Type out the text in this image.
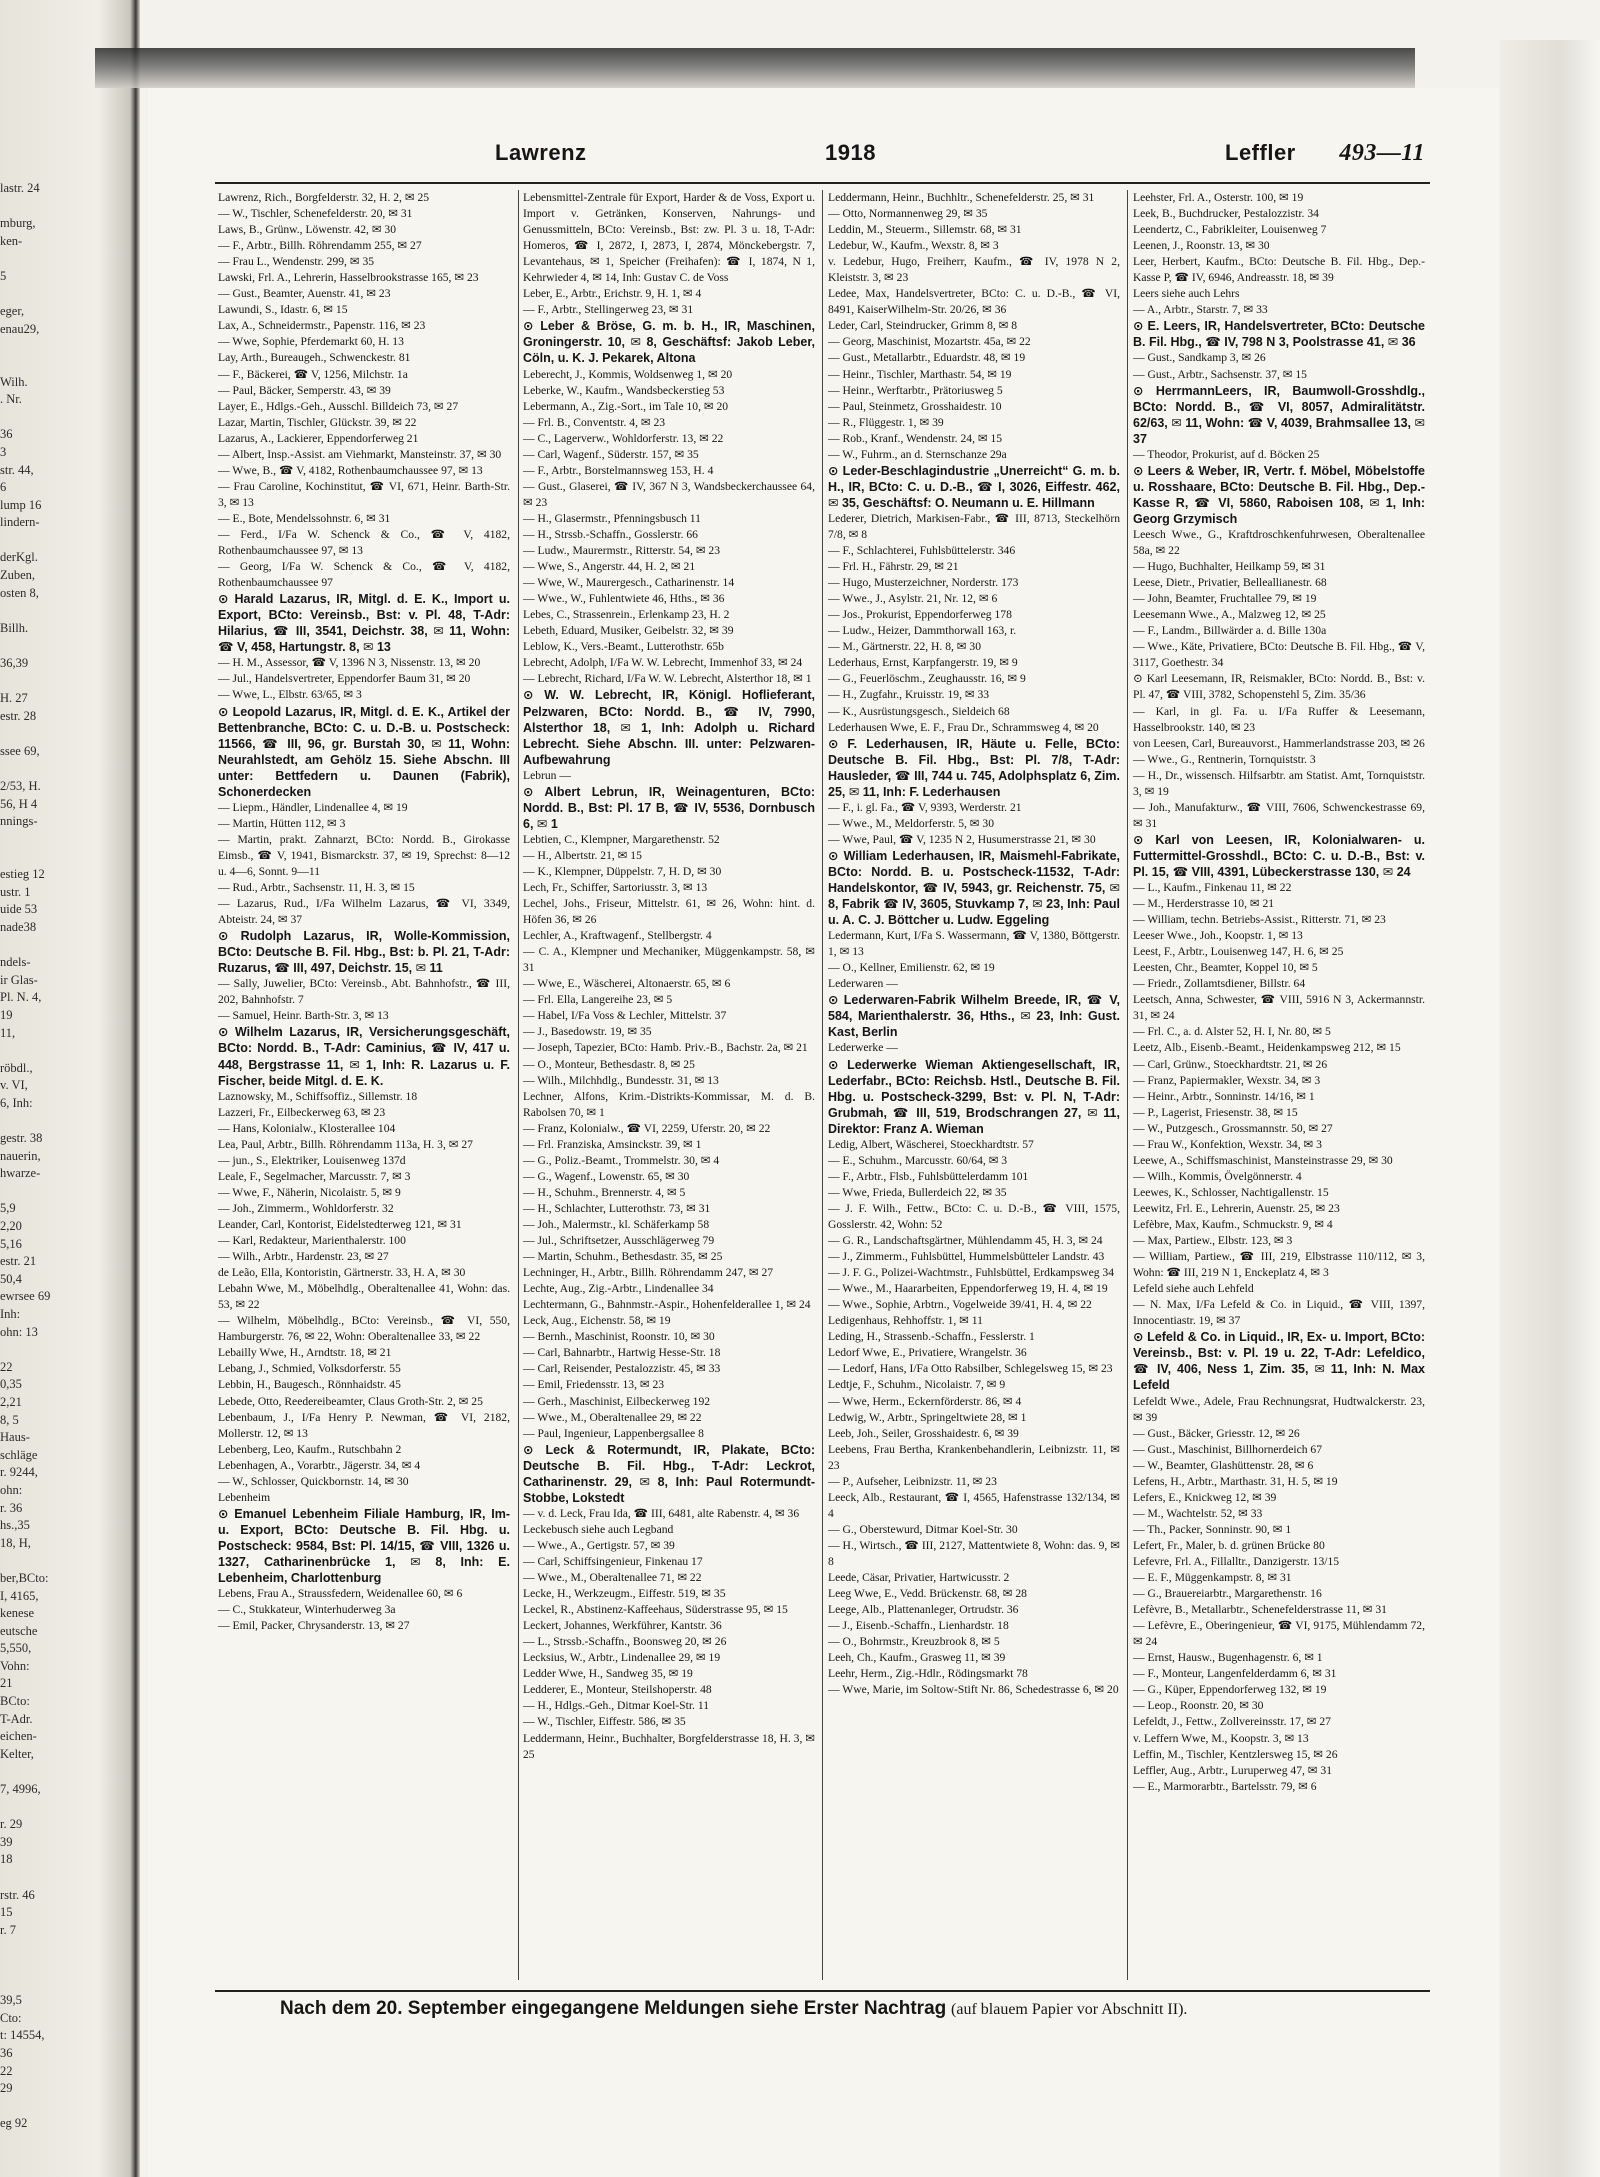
lastr. 24

mburg,
ken-

5

eger,
enau29,

Wilh.
. Nr.

36
3
str. 44,
6
lump 16
lindern-

derKgl.
Zuben,
osten 8,

Billh.

36,39

H. 27
estr. 28

ssee 69,

2/53, H.
56, H 4
nnings-

estieg 12
ustr. 1
uide 53
nade38

ndels-
ir Glas-
Pl. N. 4,
19
11,

röbdl.,
v. VI,
6, Inh:

gestr. 38
nauerin,
hwarze-

5,9
2,20
5,16
estr. 21
50,4
ewrsee 69
Inh:
ohn: 13

22
0,35
2,21
8, 5
Haus-
schläge
r. 9244,
ohn:
r. 36
hs.,35
18, H,

ber,BCto:
I, 4165,
kenese
eutsche
5,550,
Vohn:
21
BCto:
T-Adr.
eichen-
Kelter,

7, 4996,

r. 29
39
18

rstr. 46
15
r. 7

39,5
Cto:
t: 14554,
36
22
29

eg 92
Lawrenz	1918	Leffler 493—11
Lawrenz, Rich., Borgfelderstr. 32, H. 2, ✉ 25
— W., Tischler, Schenefelderstr. 20, ✉ 31
Laws, B., Grünw., Löwenstr. 42, ✉ 30
— F., Arbtr., Billh. Röhrendamm 255, ✉ 27
— Frau L., Wendenstr. 299, ✉ 35
Lawski, Frl. A., Lehrerin, Hasselbrookstrasse 165, ✉ 23
— Gust., Beamter, Auenstr. 41, ✉ 23
Lawundi, S., Idastr. 6, ✉ 15
Lax, A., Schneidermstr., Papenstr. 116, ✉ 23
— Wwe, Sophie, Pferdemarkt 60, H. 13
Lay, Arth., Bureaugeh., Schwenckestr. 81
— F., Bäckerei, ☎ V, 1256, Milchstr. 1a
— Paul, Bäcker, Semperstr. 43, ✉ 39
Layer, E., Hdlgs.-Geh., Ausschl. Billdeich 73, ✉ 27
Lazar, Martin, Tischler, Glückstr. 39, ✉ 22
Lazarus, A., Lackierer, Eppendorferweg 21
— Albert, Insp.-Assist. am Viehmarkt, Mansteinstr. 37, ✉ 30
— Wwe, B., ☎ V, 4182, Rothenbaumchaussee 97, ✉ 13
— Frau Caroline, Kochinstitut, ☎ VI, 671, Heinr. Barth-Str. 3, ✉ 13
— E., Bote, Mendelssohnstr. 6, ✉ 31
— Ferd., I/Fa W. Schenck & Co., ☎ V, 4182, Rothenbaumchaussee 97, ✉ 13
— Georg, I/Fa W. Schenck & Co., ☎ V, 4182, Rothenbaumchaussee 97
⊙ Harald Lazarus, IR, Mitgl. d. E. K., Import u. Export, BCto: Vereinsb., Bst: v. Pl. 48, T-Adr: Hilarius, ☎ III, 3541, Deichstr. 38, ✉ 11, Wohn: ☎ V, 458, Hartungstr. 8, ✉ 13
— H. M., Assessor, ☎ V, 1396 N 3, Nissenstr. 13, ✉ 20
— Jul., Handelsvertreter, Eppendorfer Baum 31, ✉ 20
— Wwe, L., Elbstr. 63/65, ✉ 3
⊙ Leopold Lazarus, IR, Mitgl. d. E. K., Artikel der Bettenbranche, BCto: C. u. D.-B. u. Postscheck: 11566, ☎ III, 96, gr. Burstah 30, ✉ 11, Wohn: Neurahlstedt, am Gehölz 15. Siehe Abschn. III unter: Bettfedern u. Daunen (Fabrik), Schonerdecken
— Liepm., Händler, Lindenallee 4, ✉ 19
— Martin, Hütten 112, ✉ 3
— Martin, prakt. Zahnarzt, BCto: Nordd. B., Girokasse Eimsb., ☎ V, 1941, Bismarckstr. 37, ✉ 19, Sprechst: 8—12 u. 4—6, Sonnt. 9—11
— Rud., Arbtr., Sachsenstr. 11, H. 3, ✉ 15
— Lazarus, Rud., I/Fa Wilhelm Lazarus, ☎ VI, 3349, Abteistr. 24, ✉ 37
⊙ Rudolph Lazarus, IR, Wolle-Kommission, BCto: Deutsche B. Fil. Hbg., Bst: b. Pl. 21, T-Adr: Ruzarus, ☎ III, 497, Deichstr. 15, ✉ 11
— Sally, Juwelier, BCto: Vereinsb., Abt. Bahnhofstr., ☎ III, 202, Bahnhofstr. 7
— Samuel, Heinr. Barth-Str. 3, ✉ 13
⊙ Wilhelm Lazarus, IR, Versicherungsgeschäft, BCto: Nordd. B., T-Adr: Caminius, ☎ IV, 417 u. 448, Bergstrasse 11, ✉ 1, Inh: R. Lazarus u. F. Fischer, beide Mitgl. d. E. K.
Laznowsky, M., Schiffsoffiz., Sillemstr. 18
Lazzeri, Fr., Eilbeckerweg 63, ✉ 23
— Hans, Kolonialw., Klosterallee 104
Lea, Paul, Arbtr., Billh. Röhrendamm 113a, H. 3, ✉ 27
— jun., S., Elektriker, Louisenweg 137d
Leale, F., Segelmacher, Marcusstr. 7, ✉ 3
— Wwe, F., Näherin, Nicolaistr. 5, ✉ 9
— Joh., Zimmerm., Wohldorferstr. 32
Leander, Carl, Kontorist, Eidelstedterweg 121, ✉ 31
— Karl, Redakteur, Marienthalerstr. 100
— Wilh., Arbtr., Hardenstr. 23, ✉ 27
de Leão, Ella, Kontoristin, Gärtnerstr. 33, H. A, ✉ 30
Lebahn Wwe, M., Möbelhdlg., Oberaltenallee 41, Wohn: das. 53, ✉ 22
— Wilhelm, Möbelhdlg., BCto: Vereinsb., ☎ VI, 550, Hamburgerstr. 76, ✉ 22, Wohn: Oberaltenallee 33, ✉ 22
Lebailly Wwe, H., Arndtstr. 18, ✉ 21
Lebang, J., Schmied, Volksdorferstr. 55
Lebbin, H., Baugesch., Rönnhaidstr. 45
Lebede, Otto, Reedereibeamter, Claus Groth-Str. 2, ✉ 25
Lebenbaum, J., I/Fa Henry P. Newman, ☎ VI, 2182, Mollerstr. 12, ✉ 13
Lebenberg, Leo, Kaufm., Rutschbahn 2
Lebenhagen, A., Vorarbtr., Jägerstr. 34, ✉ 4
— W., Schlosser, Quickbornstr. 14, ✉ 30
Lebenheim
⊙ Emanuel Lebenheim Filiale Hamburg, IR, Im- u. Export, BCto: Deutsche B. Fil. Hbg. u. Postscheck: 9584, Bst: Pl. 14/15, ☎ VIII, 1326 u. 1327, Catharinenbrücke 1, ✉ 8, Inh: E. Lebenheim, Charlottenburg
Lebens, Frau A., Straussfedern, Weidenallee 60, ✉ 6
— C., Stukkateur, Winterhuderweg 3a
— Emil, Packer, Chrysanderstr. 13, ✉ 27
Lebensmittel-Zentrale für Export, Harder & de Voss, Export u. Import v. Getränken, Konserven, Nahrungs- und Genussmitteln, BCto: Vereinsb., Bst: zw. Pl. 3 u. 18, T-Adr: Homeros, ☎ I, 2872, I, 2873, I, 2874, Mönckebergstr. 7, Levantehaus, ✉ 1, Speicher (Freihafen): ☎ I, 1874, N 1, Kehrwieder 4, ✉ 14, Inh: Gustav C. de Voss
Leber, E., Arbtr., Erichstr. 9, H. 1, ✉ 4
— F., Arbtr., Stellingerweg 23, ✉ 31
⊙ Leber & Bröse, G. m. b. H., IR, Maschinen, Groningerstr. 10, ✉ 8, Geschäftsf: Jakob Leber, Cöln, u. K. J. Pekarek, Altona
Leberecht, J., Kommis, Woldsenweg 1, ✉ 20
Leberke, W., Kaufm., Wandsbeckerstieg 53
Lebermann, A., Zig.-Sort., im Tale 10, ✉ 20
— Frl. B., Conventstr. 4, ✉ 23
— C., Lagerverw., Wohldorferstr. 13, ✉ 22
— Carl, Wagenf., Süderstr. 157, ✉ 35
— F., Arbtr., Borstelmannsweg 153, H. 4
— Gust., Glaserei, ☎ IV, 367 N 3, Wandsbeckerchaussee 64, ✉ 23
— H., Glasermstr., Pfenningsbusch 11
— H., Strssb.-Schaffn., Gosslerstr. 66
— Ludw., Maurermstr., Ritterstr. 54, ✉ 23
— Wwe, S., Angerstr. 44, H. 2, ✉ 21
— Wwe, W., Maurergesch., Catharinenstr. 14
— Wwe., W., Fuhlentwiete 46, Hths., ✉ 36
Lebes, C., Strassenrein., Erlenkamp 23, H. 2
Lebeth, Eduard, Musiker, Geibelstr. 32, ✉ 39
Leblow, K., Vers.-Beamt., Lutterothstr. 65b
Lebrecht, Adolph, I/Fa W. W. Lebrecht, Immenhof 33, ✉ 24
— Lebrecht, Richard, I/Fa W. W. Lebrecht, Alsterthor 18, ✉ 1
⊙ W. W. Lebrecht, IR, Königl. Hoflieferant, Pelzwaren, BCto: Nordd. B., ☎ IV, 7990, Alsterthor 18, ✉ 1, Inh: Adolph u. Richard Lebrecht. Siehe Abschn. III. unter: Pelzwaren-Aufbewahrung
Lebrun —
⊙ Albert Lebrun, IR, Weinagenturen, BCto: Nordd. B., Bst: Pl. 17 B, ☎ IV, 5536, Dornbusch 6, ✉ 1
Lebtien, C., Klempner, Margarethenstr. 52
— H., Albertstr. 21, ✉ 15
— K., Klempner, Düppelstr. 7, H. D, ✉ 30
Lech, Fr., Schiffer, Sartoriusstr. 3, ✉ 13
Lechel, Johs., Friseur, Mittelstr. 61, ✉ 26, Wohn: hint. d. Höfen 36, ✉ 26
Lechler, A., Kraftwagenf., Stellbergstr. 4
— C. A., Klempner und Mechaniker, Müggenkampstr. 58, ✉ 31
— Wwe, E., Wäscherei, Altonaerstr. 65, ✉ 6
— Frl. Ella, Langereihe 23, ✉ 5
— Habel, I/Fa Voss & Lechler, Mittelstr. 37
— J., Basedowstr. 19, ✉ 35
— Joseph, Tapezier, BCto: Hamb. Priv.-B., Bachstr. 2a, ✉ 21
— O., Monteur, Bethesdastr. 8, ✉ 25
— Wilh., Milchhdlg., Bundesstr. 31, ✉ 13
Lechner, Alfons, Krim.-Distrikts-Kommissar, M. d. B. Rabolsen 70, ✉ 1
— Franz, Kolonialw., ☎ VI, 2259, Uferstr. 20, ✉ 22
— Frl. Franziska, Amsinckstr. 39, ✉ 1
— G., Poliz.-Beamt., Trommelstr. 30, ✉ 4
— G., Wagenf., Lowenstr. 65, ✉ 30
— H., Schuhm., Brennerstr. 4, ✉ 5
— H., Schlachter, Lutterothstr. 73, ✉ 31
— Joh., Malermstr., kl. Schäferkamp 58
— Jul., Schriftsetzer, Ausschlägerweg 79
— Martin, Schuhm., Bethesdastr. 35, ✉ 25
Lechninger, H., Arbtr., Billh. Röhrendamm 247, ✉ 27
Lechte, Aug., Zig.-Arbtr., Lindenallee 34
Lechtermann, G., Bahnmstr.-Aspir., Hohenfelderallee 1, ✉ 24
Leck, Aug., Eichenstr. 58, ✉ 19
— Bernh., Maschinist, Roonstr. 10, ✉ 30
— Carl, Bahnarbtr., Hartwig Hesse-Str. 18
— Carl, Reisender, Pestalozzistr. 45, ✉ 33
— Emil, Friedensstr. 13, ✉ 23
— Gerh., Maschinist, Eilbeckerweg 192
— Wwe., M., Oberaltenallee 29, ✉ 22
— Paul, Ingenieur, Lappenbergsallee 8
⊙ Leck & Rotermundt, IR, Plakate, BCto: Deutsche B. Fil. Hbg., T-Adr: Leckrot, Catharinenstr. 29, ✉ 8, Inh: Paul Rotermundt-Stobbe, Lokstedt
— v. d. Leck, Frau Ida, ☎ III, 6481, alte Rabenstr. 4, ✉ 36
Leckebusch siehe auch Legband
— Wwe., A., Gertigstr. 57, ✉ 39
— Carl, Schiffsingenieur, Finkenau 17
— Wwe., M., Oberaltenallee 71, ✉ 22
Lecke, H., Werkzeugm., Eiffestr. 519, ✉ 35
Leckel, R., Abstinenz-Kaffeehaus, Süderstrasse 95, ✉ 15
Leckert, Johannes, Werkführer, Kantstr. 36
— L., Strssb.-Schaffn., Boonsweg 20, ✉ 26
Lecksius, W., Arbtr., Lindenallee 29, ✉ 19
Ledder Wwe, H., Sandweg 35, ✉ 19
Ledderer, E., Monteur, Steilshoperstr. 48
— H., Hdlgs.-Geh., Ditmar Koel-Str. 11
— W., Tischler, Eiffestr. 586, ✉ 35
Leddermann, Heinr., Buchhalter, Borgfelderstrasse 18, H. 3, ✉ 25
Leddermann, Heinr., Buchhltr., Schenefelderstr. 25, ✉ 31
— Otto, Normannenweg 29, ✉ 35
Leddin, M., Steuerm., Sillemstr. 68, ✉ 31
Ledebur, W., Kaufm., Wexstr. 8, ✉ 3
v. Ledebur, Hugo, Freiherr, Kaufm., ☎ IV, 1978 N 2, Kleiststr. 3, ✉ 23
Ledee, Max, Handelsvertreter, BCto: C. u. D.-B., ☎ VI, 8491, KaiserWilhelm-Str. 20/26, ✉ 36
Leder, Carl, Steindrucker, Grimm 8, ✉ 8
— Georg, Maschinist, Mozartstr. 45a, ✉ 22
— Gust., Metallarbtr., Eduardstr. 48, ✉ 19
— Heinr., Tischler, Marthastr. 54, ✉ 19
— Heinr., Werftarbtr., Prätoriusweg 5
— Paul, Steinmetz, Grosshaidestr. 10
— R., Flüggestr. 1, ✉ 39
— Rob., Kranf., Wendenstr. 24, ✉ 15
— W., Fuhrm., an d. Sternschanze 29a
⊙ Leder-Beschlagindustrie „Unerreicht“ G. m. b. H., IR, BCto: C. u. D.-B., ☎ I, 3026, Eiffestr. 462, ✉ 35, Geschäftsf: O. Neumann u. E. Hillmann
Lederer, Dietrich, Markisen-Fabr., ☎ III, 8713, Steckelhörn 7/8, ✉ 8
— F., Schlachterei, Fuhlsbüttelerstr. 346
— Frl. H., Fährstr. 29, ✉ 21
— Hugo, Musterzeichner, Norderstr. 173
— Wwe., J., Asylstr. 21, Nr. 12, ✉ 6
— Jos., Prokurist, Eppendorferweg 178
— Ludw., Heizer, Dammthorwall 163, r.
— M., Gärtnerstr. 22, H. 8, ✉ 30
Lederhaus, Ernst, Karpfangerstr. 19, ✉ 9
— G., Feuerlöschm., Zeughausstr. 16, ✉ 9
— H., Zugfahr., Kruisstr. 19, ✉ 33
— K., Ausrüstungsgesch., Sieldeich 68
Lederhausen Wwe, E. F., Frau Dr., Schrammsweg 4, ✉ 20
⊙ F. Lederhausen, IR, Häute u. Felle, BCto: Deutsche B. Fil. Hbg., Bst: Pl. 7/8, T-Adr: Hausleder, ☎ III, 744 u. 745, Adolphsplatz 6, Zim. 25, ✉ 11, Inh: F. Lederhausen
— F., i. gl. Fa., ☎ V, 9393, Werderstr. 21
— Wwe., M., Meldorferstr. 5, ✉ 30
— Wwe, Paul, ☎ V, 1235 N 2, Husumerstrasse 21, ✉ 30
⊙ William Lederhausen, IR, Maismehl-Fabrikate, BCto: Nordd. B. u. Postscheck-11532, T-Adr: Handelskontor, ☎ IV, 5943, gr. Reichenstr. 75, ✉ 8, Fabrik ☎ IV, 3605, Stuvkamp 7, ✉ 23, Inh: Paul u. A. C. J. Böttcher u. Ludw. Eggeling
Ledermann, Kurt, I/Fa S. Wassermann, ☎ V, 1380, Böttgerstr. 1, ✉ 13
— O., Kellner, Emilienstr. 62, ✉ 19
Lederwaren —
⊙ Lederwaren-Fabrik Wilhelm Breede, IR, ☎ V, 584, Marienthalerstr. 36, Hths., ✉ 23, Inh: Gust. Kast, Berlin
Lederwerke —
⊙ Lederwerke Wieman Aktiengesellschaft, IR, Lederfabr., BCto: Reichsb. Hstl., Deutsche B. Fil. Hbg. u. Postscheck-3299, Bst: v. Pl. N, T-Adr: Grubmah, ☎ III, 519, Brodschrangen 27, ✉ 11, Direktor: Franz A. Wieman
Ledig, Albert, Wäscherei, Stoeckhardtstr. 57
— E., Schuhm., Marcusstr. 60/64, ✉ 3
— F., Arbtr., Flsb., Fuhlsbüttelerdamm 101
— Wwe, Frieda, Bullerdeich 22, ✉ 35
— J. F. Wilh., Fettw., BCto: C. u. D.-B., ☎ VIII, 1575, Gosslerstr. 42, Wohn: 52
— G. R., Landschaftsgärtner, Mühlendamm 45, H. 3, ✉ 24
— J., Zimmerm., Fuhlsbüttel, Hummelsbütteler Landstr. 43
— J. F. G., Polizei-Wachtmstr., Fuhlsbüttel, Erdkampsweg 34
— Wwe., M., Haararbeiten, Eppendorferweg 19, H. 4, ✉ 19
— Wwe., Sophie, Arbtrn., Vogelweide 39/41, H. 4, ✉ 22
Ledigenhaus, Rehhoffstr. 1, ✉ 11
Leding, H., Strassenb.-Schaffn., Fesslerstr. 1
Ledorf Wwe, E., Privatiere, Wrangelstr. 36
— Ledorf, Hans, I/Fa Otto Rabsilber, Schlegelsweg 15, ✉ 23
Ledtje, F., Schuhm., Nicolaistr. 7, ✉ 9
— Wwe, Herm., Eckernförderstr. 86, ✉ 4
Ledwig, W., Arbtr., Springeltwiete 28, ✉ 1
Leeb, Joh., Seiler, Grosshaidestr. 6, ✉ 39
Leebens, Frau Bertha, Krankenbehandlerin, Leibnizstr. 11, ✉ 23
— P., Aufseher, Leibnizstr. 11, ✉ 23
Leeck, Alb., Restaurant, ☎ I, 4565, Hafenstrasse 132/134, ✉ 4
— G., Oberstewurd, Ditmar Koel-Str. 30
— H., Wirtsch., ☎ III, 2127, Mattentwiete 8, Wohn: das. 9, ✉ 8
Leede, Cäsar, Privatier, Hartwicusstr. 2
Leeg Wwe, E., Vedd. Brückenstr. 68, ✉ 28
Leege, Alb., Plattenanleger, Ortrudstr. 36
— J., Eisenb.-Schaffn., Lienhardstr. 18
— O., Bohrmstr., Kreuzbrook 8, ✉ 5
Leeh, Ch., Kaufm., Grasweg 11, ✉ 39
Leehr, Herm., Zig.-Hdlr., Rödingsmarkt 78
— Wwe, Marie, im Soltow-Stift Nr. 86, Schedestrasse 6, ✉ 20
Leehster, Frl. A., Osterstr. 100, ✉ 19
Leek, B., Buchdrucker, Pestalozzistr. 34
Leendertz, C., Fabrikleiter, Louisenweg 7
Leenen, J., Roonstr. 13, ✉ 30
Leer, Herbert, Kaufm., BCto: Deutsche B. Fil. Hbg., Dep.-Kasse P, ☎ IV, 6946, Andreasstr. 18, ✉ 39
Leers siehe auch Lehrs
— A., Arbtr., Starstr. 7, ✉ 33
⊙ E. Leers, IR, Handelsvertreter, BCto: Deutsche B. Fil. Hbg., ☎ IV, 798 N 3, Poolstrasse 41, ✉ 36
— Gust., Sandkamp 3, ✉ 26
— Gust., Arbtr., Sachsenstr. 37, ✉ 15
⊙ HerrmannLeers, IR, Baumwoll-Grosshdlg., BCto: Nordd. B., ☎ VI, 8057, Admiralitätstr. 62/63, ✉ 11, Wohn: ☎ V, 4039, Brahmsallee 13, ✉ 37
— Theodor, Prokurist, auf d. Böcken 25
⊙ Leers & Weber, IR, Vertr. f. Möbel, Möbelstoffe u. Rosshaare, BCto: Deutsche B. Fil. Hbg., Dep.-Kasse R, ☎ VI, 5860, Raboisen 108, ✉ 1, Inh: Georg Grzymisch
Leesch Wwe., G., Kraftdroschkenfuhrwesen, Oberaltenallee 58a, ✉ 22
— Hugo, Buchhalter, Heilkamp 59, ✉ 31
Leese, Dietr., Privatier, Belleallianestr. 68
— John, Beamter, Fruchtallee 79, ✉ 19
Leesemann Wwe., A., Malzweg 12, ✉ 25
— F., Landm., Billwärder a. d. Bille 130a
— Wwe., Käte, Privatiere, BCto: Deutsche B. Fil. Hbg., ☎ V, 3117, Goethestr. 34
⊙ Karl Leesemann, IR, Reismakler, BCto: Nordd. B., Bst: v. Pl. 47, ☎ VIII, 3782, Schopenstehl 5, Zim. 35/36
— Karl, in gl. Fa. u. I/Fa Ruffer & Leesemann, Hasselbrookstr. 140, ✉ 23
von Leesen, Carl, Bureauvorst., Hammerlandstrasse 203, ✉ 26
— Wwe., G., Rentnerin, Tornquiststr. 3
— H., Dr., wissensch. Hilfsarbtr. am Statist. Amt, Tornquiststr. 3, ✉ 19
— Joh., Manufakturw., ☎ VIII, 7606, Schwenckestrasse 69, ✉ 31
⊙ Karl von Leesen, IR, Kolonialwaren- u. Futtermittel-Grosshdl., BCto: C. u. D.-B., Bst: v. Pl. 15, ☎ VIII, 4391, Lübeckerstrasse 130, ✉ 24
— L., Kaufm., Finkenau 11, ✉ 22
— M., Herderstrasse 10, ✉ 21
— William, techn. Betriebs-Assist., Ritterstr. 71, ✉ 23
Leeser Wwe., Joh., Koopstr. 1, ✉ 13
Leest, F., Arbtr., Louisenweg 147, H. 6, ✉ 25
Leesten, Chr., Beamter, Koppel 10, ✉ 5
— Friedr., Zollamtsdiener, Billstr. 64
Leetsch, Anna, Schwester, ☎ VIII, 5916 N 3, Ackermannstr. 31, ✉ 24
— Frl. C., a. d. Alster 52, H. I, Nr. 80, ✉ 5
Leetz, Alb., Eisenb.-Beamt., Heidenkampsweg 212, ✉ 15
— Carl, Grünw., Stoeckhardtstr. 21, ✉ 26
— Franz, Papiermakler, Wexstr. 34, ✉ 3
— Heinr., Arbtr., Sonninstr. 14/16, ✉ 1
— P., Lagerist, Friesenstr. 38, ✉ 15
— W., Putzgesch., Grossmannstr. 50, ✉ 27
— Frau W., Konfektion, Wexstr. 34, ✉ 3
Leewe, A., Schiffsmaschinist, Mansteinstrasse 29, ✉ 30
— Wilh., Kommis, Övelgönnerstr. 4
Leewes, K., Schlosser, Nachtigallenstr. 15
Leewitz, Frl. E., Lehrerin, Auenstr. 25, ✉ 23
Lefèbre, Max, Kaufm., Schmuckstr. 9, ✉ 4
— Max, Partiew., Elbstr. 123, ✉ 3
— William, Partiew., ☎ III, 219, Elbstrasse 110/112, ✉ 3, Wohn: ☎ III, 219 N 1, Enckeplatz 4, ✉ 3
Lefeld siehe auch Lehfeld
— N. Max, I/Fa Lefeld & Co. in Liquid., ☎ VIII, 1397, Innocentiastr. 19, ✉ 37
⊙ Lefeld & Co. in Liquid., IR, Ex- u. Import, BCto: Vereinsb., Bst: v. Pl. 19 u. 22, T-Adr: Lefeldico, ☎ IV, 406, Ness 1, Zim. 35, ✉ 11, Inh: N. Max Lefeld
Lefeldt Wwe., Adele, Frau Rechnungsrat, Hudtwalckerstr. 23, ✉ 39
— Gust., Bäcker, Griesstr. 12, ✉ 26
— Gust., Maschinist, Billhornerdeich 67
— W., Beamter, Glashüttenstr. 28, ✉ 6
Lefens, H., Arbtr., Marthastr. 31, H. 5, ✉ 19
Lefers, E., Knickweg 12, ✉ 39
— M., Wachtelstr. 52, ✉ 33
— Th., Packer, Sonninstr. 90, ✉ 1
Lefert, Fr., Maler, b. d. grünen Brücke 80
Lefevre, Frl. A., Fillalltr., Danzigerstr. 13/15
— E. F., Müggenkampstr. 8, ✉ 31
— G., Brauereiarbtr., Margarethenstr. 16
Lefèvre, B., Metallarbtr., Schenefelderstrasse 11, ✉ 31
— Lefèvre, E., Oberingenieur, ☎ VI, 9175, Mühlendamm 72, ✉ 24
— Ernst, Hausw., Bugenhagenstr. 6, ✉ 1
— F., Monteur, Langenfelderdamm 6, ✉ 31
— G., Küper, Eppendorferweg 132, ✉ 19
— Leop., Roonstr. 20, ✉ 30
Lefeldt, J., Fettw., Zollvereinsstr. 17, ✉ 27
v. Leffern Wwe, M., Koopstr. 3, ✉ 13
Leffin, M., Tischler, Kentzlersweg 15, ✉ 26
Leffler, Aug., Arbtr., Luruperweg 47, ✉ 31
— E., Marmorarbtr., Bartelsstr. 79, ✉ 6
Nach dem 20. September eingegangene Meldungen siehe Erster Nachtrag (auf blauem Papier vor Abschnitt II).
